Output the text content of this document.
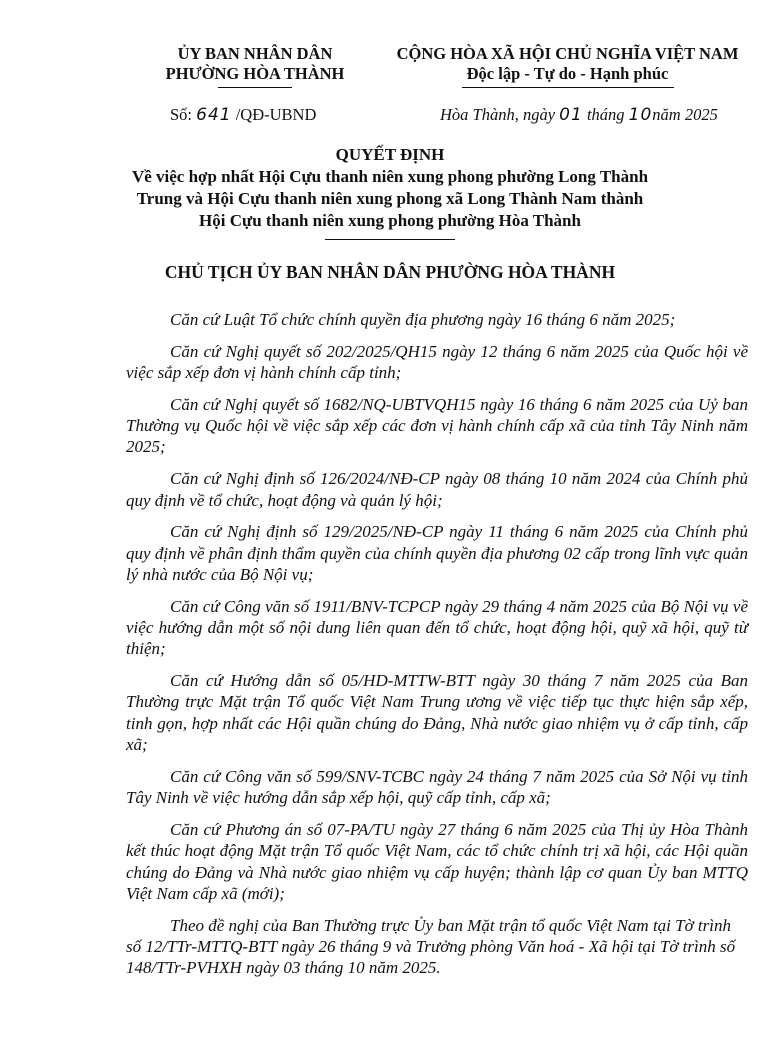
ỦY BAN NHÂN DÂN
PHƯỜNG HÒA THÀNH
CỘNG HÒA XÃ HỘI CHỦ NGHĨA VIỆT NAM
Độc lập - Tự do - Hạnh phúc
Số: 641 /QĐ-UBND	Hòa Thành, ngày 01 tháng 10năm 2025
QUYẾT ĐỊNH
Về việc hợp nhất Hội Cựu thanh niên xung phong phường Long Thành
Trung và Hội Cựu thanh niên xung phong xã Long Thành Nam thành
Hội Cựu thanh niên xung phong phường Hòa Thành
CHỦ TỊCH ỦY BAN NHÂN DÂN PHƯỜNG HÒA THÀNH

Căn cứ Luật Tổ chức chính quyền địa phương ngày 16 tháng 6 năm 2025;

Căn cứ Nghị quyết số 202/2025/QH15 ngày 12 tháng 6 năm 2025 của Quốc hội về việc sắp xếp đơn vị hành chính cấp tỉnh;

Căn cứ Nghị quyết số 1682/NQ-UBTVQH15 ngày 16 tháng 6 năm 2025 của Uỷ ban Thường vụ Quốc hội về việc sắp xếp các đơn vị hành chính cấp xã của tỉnh Tây Ninh năm 2025;

Căn cứ Nghị định số 126/2024/NĐ-CP ngày 08 tháng 10 năm 2024 của Chính phủ quy định về tổ chức, hoạt động và quản lý hội;

Căn cứ Nghị định số 129/2025/NĐ-CP ngày 11 tháng 6 năm 2025 của Chính phủ quy định về phân định thẩm quyền của chính quyền địa phương 02 cấp trong lĩnh vực quản lý nhà nước của Bộ Nội vụ;

Căn cứ Công văn số 1911/BNV-TCPCP ngày 29 tháng 4 năm 2025 của Bộ Nội vụ về việc hướng dẫn một số nội dung liên quan đến tổ chức, hoạt động hội, quỹ xã hội, quỹ từ thiện;

Căn cứ Hướng dẫn số 05/HD-MTTW-BTT ngày 30 tháng 7 năm 2025 của Ban Thường trực Mặt trận Tổ quốc Việt Nam Trung ương về việc tiếp tục thực hiện sắp xếp, tinh gọn, hợp nhất các Hội quần chúng do Đảng, Nhà nước giao nhiệm vụ ở cấp tỉnh, cấp xã;

Căn cứ Công văn số 599/SNV-TCBC ngày 24 tháng 7 năm 2025 của Sở Nội vụ tỉnh Tây Ninh về việc hướng dẫn sắp xếp hội, quỹ cấp tỉnh, cấp xã;

Căn cứ Phương án số 07-PA/TU ngày 27 tháng 6 năm 2025 của Thị ủy Hòa Thành kết thúc hoạt động Mặt trận Tổ quốc Việt Nam, các tổ chức chính trị xã hội, các Hội quần chúng do Đảng và Nhà nước giao nhiệm vụ cấp huyện; thành lập cơ quan Ủy ban MTTQ Việt Nam cấp xã (mới);

Theo đề nghị của Ban Thường trực Ủy ban Mặt trận tổ quốc Việt Nam tại Tờ trình số 12/TTr-MTTQ-BTT ngày 26 tháng 9 và Trưởng phòng Văn hoá - Xã hội tại Tờ trình số 148/TTr-PVHXH ngày 03 tháng 10 năm 2025.
